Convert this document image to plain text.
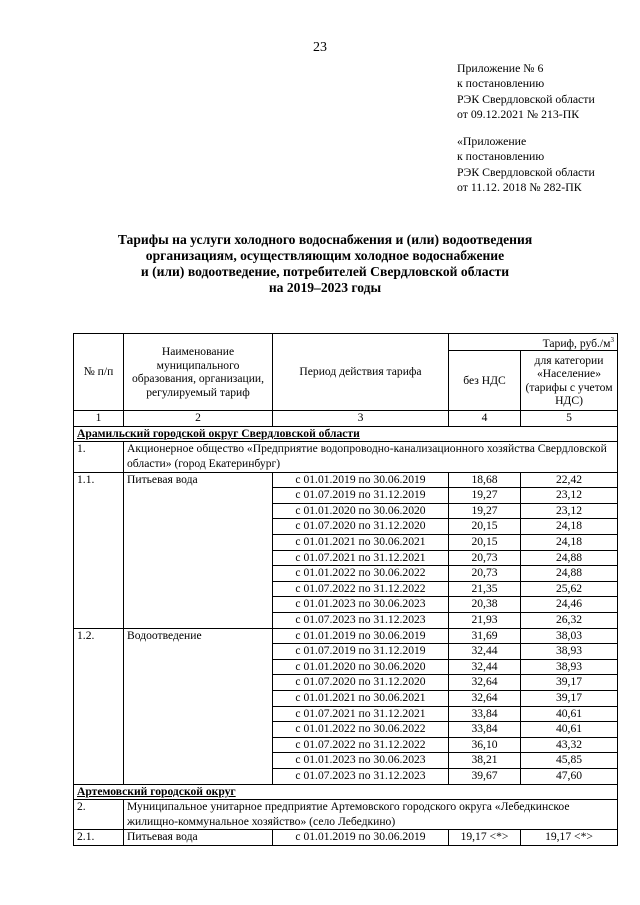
23
Приложение № 6
к постановлению
РЭК Свердловской области
от 09.12.2021 № 213-ПК
«Приложение
к постановлению
РЭК Свердловской области
от 11.12. 2018 № 282-ПК
Тарифы на услуги холодного водоснабжения и (или) водоотведения
организациям, осуществляющим холодное водоснабжение
и (или) водоотведение, потребителей Свердловской области
на 2019–2023 годы
№ п/п	Наименование муниципального образования, организации, регулируемый тариф	Период действия тарифа	Тариф, $руб./м^3$
			без НДС	для категории «Население» (тарифы с учетом НДС)
1	2	3	4	5
Арамильский городской округ Свердловской области				
1.	Акционерное общество «Предприятие водопроводно-канализационного хозяйства Свердловской области» (город Екатеринбург)			
1.1.	Питьевая вода	с 01.01.2019 по 30.06.2019	18,68	22,42
		с 01.07.2019 по 31.12.2019	19,27	23,12
		с 01.01.2020 по 30.06.2020	19,27	23,12
		с 01.07.2020 по 31.12.2020	20,15	24,18
		с 01.01.2021 по 30.06.2021	20,15	24,18
		с 01.07.2021 по 31.12.2021	20,73	24,88
		с 01.01.2022 по 30.06.2022	20,73	24,88
		с 01.07.2022 по 31.12.2022	21,35	25,62
		с 01.01.2023 по 30.06.2023	20,38	24,46
		с 01.07.2023 по 31.12.2023	21,93	26,32
1.2.	Водоотведение	с 01.01.2019 по 30.06.2019	31,69	38,03
		с 01.07.2019 по 31.12.2019	32,44	38,93
		с 01.01.2020 по 30.06.2020	32,44	38,93
		с 01.07.2020 по 31.12.2020	32,64	39,17
		с 01.01.2021 по 30.06.2021	32,64	39,17
		с 01.07.2021 по 31.12.2021	33,84	40,61
		с 01.01.2022 по 30.06.2022	33,84	40,61
		с 01.07.2022 по 31.12.2022	36,10	43,32
		с 01.01.2023 по 30.06.2023	38,21	45,85
		с 01.07.2023 по 31.12.2023	39,67	47,60
Артемовский городской округ				
2.	Муниципальное унитарное предприятие Артемовского городского округа «Лебедкинское жилищно-коммунальное хозяйство» (село Лебедкино)			
2.1.	Питьевая вода	с 01.01.2019 по 30.06.2019	19,17 <*>	19,17 <*>
